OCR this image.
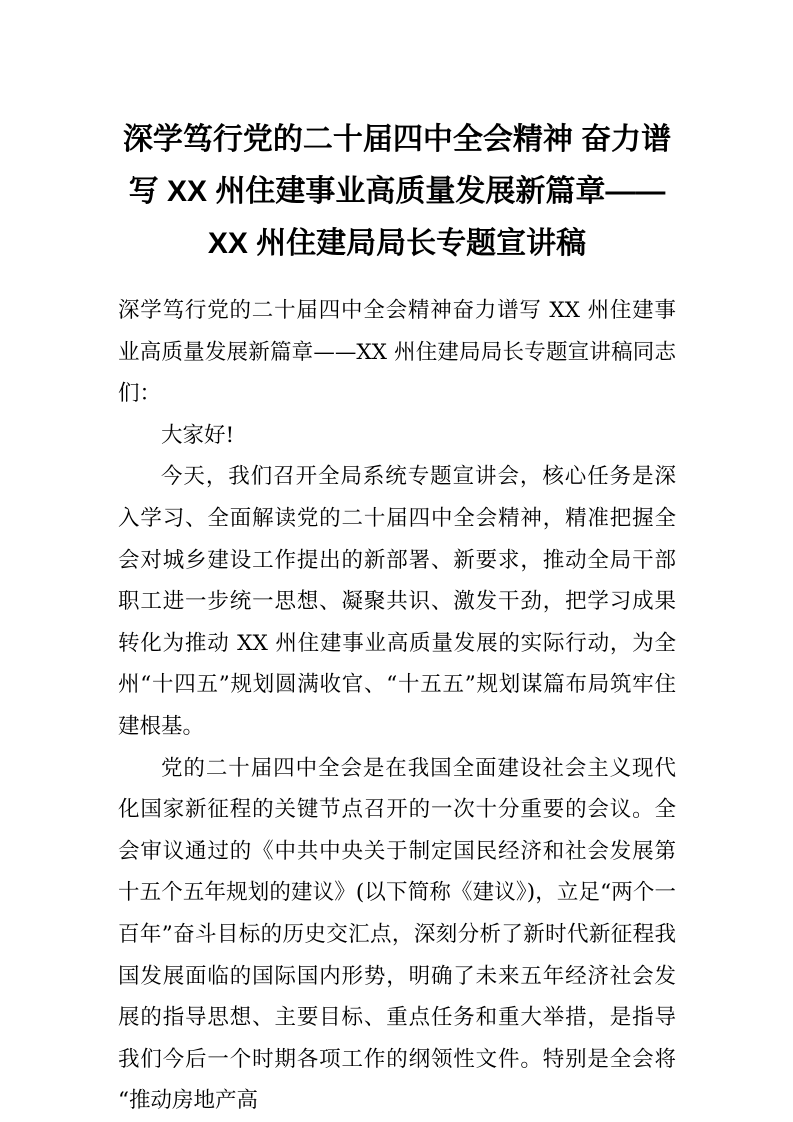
深学笃行党的二十届四中全会精神 奋力谱写 XX 州住建事业高质量发展新篇章——XX 州住建局局长专题宣讲稿

深学笃行党的二十届四中全会精神奋力谱写 XX 州住建事业高质量发展新篇章——XX 州住建局局长专题宣讲稿同志们：

大家好!

今天，我们召开全局系统专题宣讲会，核心任务是深入学习、全面解读党的二十届四中全会精神，精准把握全会对城乡建设工作提出的新部署、新要求，推动全局干部职工进一步统一思想、凝聚共识、激发干劲，把学习成果转化为推动 XX 州住建事业高质量发展的实际行动，为全州“十四五”规划圆满收官、“十五五”规划谋篇布局筑牢住建根基。

党的二十届四中全会是在我国全面建设社会主义现代化国家新征程的关键节点召开的一次十分重要的会议。全会审议通过的《中共中央关于制定国民经济和社会发展第十五个五年规划的建议》(以下简称《建议》)，立足“两个一百年”奋斗目标的历史交汇点，深刻分析了新时代新征程我国发展面临的国际国内形势，明确了未来五年经济社会发展的指导思想、主要目标、重点任务和重大举措，是指导我们今后一个时期各项工作的纲领性文件。特别是全会将“推动房地产高
